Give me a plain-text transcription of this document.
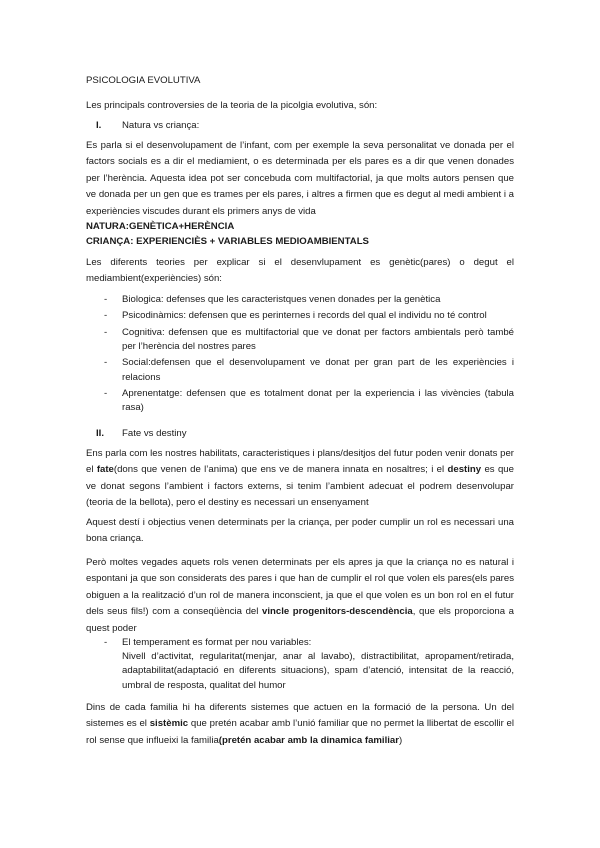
PSICOLOGIA EVOLUTIVA

Les principals controversies de la teoria de la picolgia evolutiva, són:

I. Natura vs criança:

Es parla si el desenvolupament de l’infant, com per exemple la seva personalitat ve donada per el factors socials es a dir el mediamient, o es determinada per els pares es a dir que venen donades per l’herència. Aquesta idea pot ser concebuda com multifactorial, ja que molts autors pensen que ve donada per un gen que es trames per els pares, i altres a firmen que es degut al medi ambient i a experiències viscudes durant els primers anys de vida

NATURA:GENÈTICA+HERÈNCIA

CRIANÇA: EXPERIENCIÈS + VARIABLES MEDIOAMBIENTALS

Les diferents teories per explicar si el desenvlupament es genètic(pares) o degut el mediambient(experiències) són:

- Biologica: defenses que les caracteristques venen donades per la genètica
- Psicodinàmics: defensen que es perinternes i records del qual el individu no té control
- Cognitiva: defensen que es multifactorial que ve donat per factors ambientals però també per l’herència del nostres pares
- Social:defensen que el desenvolupament ve donat per gran part de les experiències i relacions
- Aprenentatge: defensen que es totalment donat per la experiencia i las vivències (tabula rasa)

II. Fate vs destiny

Ens parla com les nostres habilitats, caracteristiques i plans/desitjos del futur poden venir donats per el fate(dons que venen de l’anima) que ens ve de manera innata en nosaltres; i el destiny es que ve donat segons l’ambient i factors externs, si tenim l’ambient adecuat el podrem desenvolupar (teoria de la bellota), pero el destiny es necessari un ensenyament

Aquest destí i objectius venen determinats per la criança, per poder cumplir un rol es necessari una bona criança.

Però moltes vegades aquets rols venen determinats per els apres ja que la criança no es natural i espontani ja que son considerats des pares i que han de cumplir el rol que volen els pares(els pares obiguen a la realització d’un rol de manera inconscient, ja que el que volen es un bon rol en el futur dels seus fils!) com a conseqüència del vincle progenitors-descendència, que els proporciona a quest poder

- El temperament es format per nou variables:
Nivell d’activitat, regularitat(menjar, anar al lavabo), distractibilitat, apropament/retirada, adaptabilitat(adaptació en diferents situacions), spam d’atenció, intensitat de la reacció, umbral de resposta, qualitat del humor

Dins de cada familia hi ha diferents sistemes que actuen en la formació de la persona. Un del sistemes es el sistèmic que pretén acabar amb l’unió familiar que no permet la llibertat de escollir el rol sense que influeixi la familia(pretén acabar amb la dinamica familiar)
